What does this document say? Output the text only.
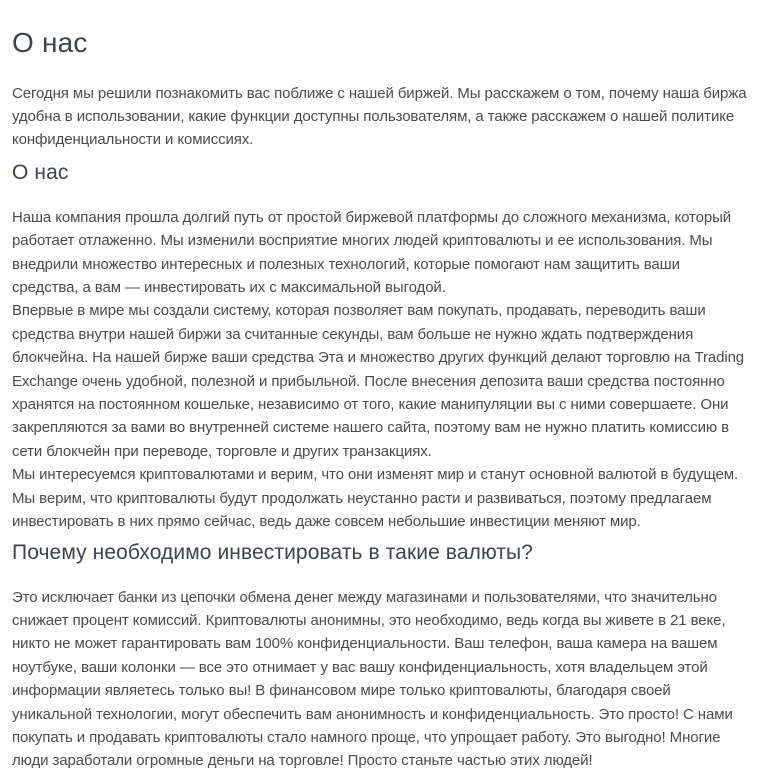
О нас

Сегодня мы решили познакомить вас поближе с нашей биржей. Мы расскажем о том, почему наша биржа удобна в использовании, какие функции доступны пользователям, а также расскажем о нашей политике конфиденциальности и комиссиях.

О нас

Наша компания прошла долгий путь от простой биржевой платформы до сложного механизма, который работает отлаженно. Мы изменили восприятие многих людей криптовалюты и ее использования. Мы внедрили множество интересных и полезных технологий, которые помогают нам защитить ваши средства, а вам — инвестировать их с максимальной выгодой.

Впервые в мире мы создали систему, которая позволяет вам покупать, продавать, переводить ваши средства внутри нашей биржи за считанные секунды, вам больше не нужно ждать подтверждения блокчейна. На нашей бирже ваши средства Эта и множество других функций делают торговлю на Trading Exchange очень удобной, полезной и прибыльной. После внесения депозита ваши средства постоянно хранятся на постоянном кошельке, независимо от того, какие манипуляции вы с ними совершаете. Они закрепляются за вами во внутренней системе нашего сайта, поэтому вам не нужно платить комиссию в сети блокчейн при переводе, торговле и других транзакциях.

Мы интересуемся криптовалютами и верим, что они изменят мир и станут основной валютой в будущем. Мы верим, что криптовалюты будут продолжать неустанно расти и развиваться, поэтому предлагаем инвестировать в них прямо сейчас, ведь даже совсем небольшие инвестиции меняют мир.

Почему необходимо инвестировать в такие валюты?

Это исключает банки из цепочки обмена денег между магазинами и пользователями, что значительно снижает процент комиссий. Криптовалюты анонимны, это необходимо, ведь когда вы живете в 21 веке, никто не может гарантировать вам 100% конфиденциальности. Ваш телефон, ваша камера на вашем ноутбуке, ваши колонки — все это отнимает у вас вашу конфиденциальность, хотя владельцем этой информации являетесь только вы! В финансовом мире только криптовалюты, благодаря своей уникальной технологии, могут обеспечить вам анонимность и конфиденциальность. Это просто! С нами покупать и продавать криптовалюты стало намного проще, что упрощает работу. Это выгодно! Многие люди заработали огромные деньги на торговле! Просто станьте частью этих людей!
